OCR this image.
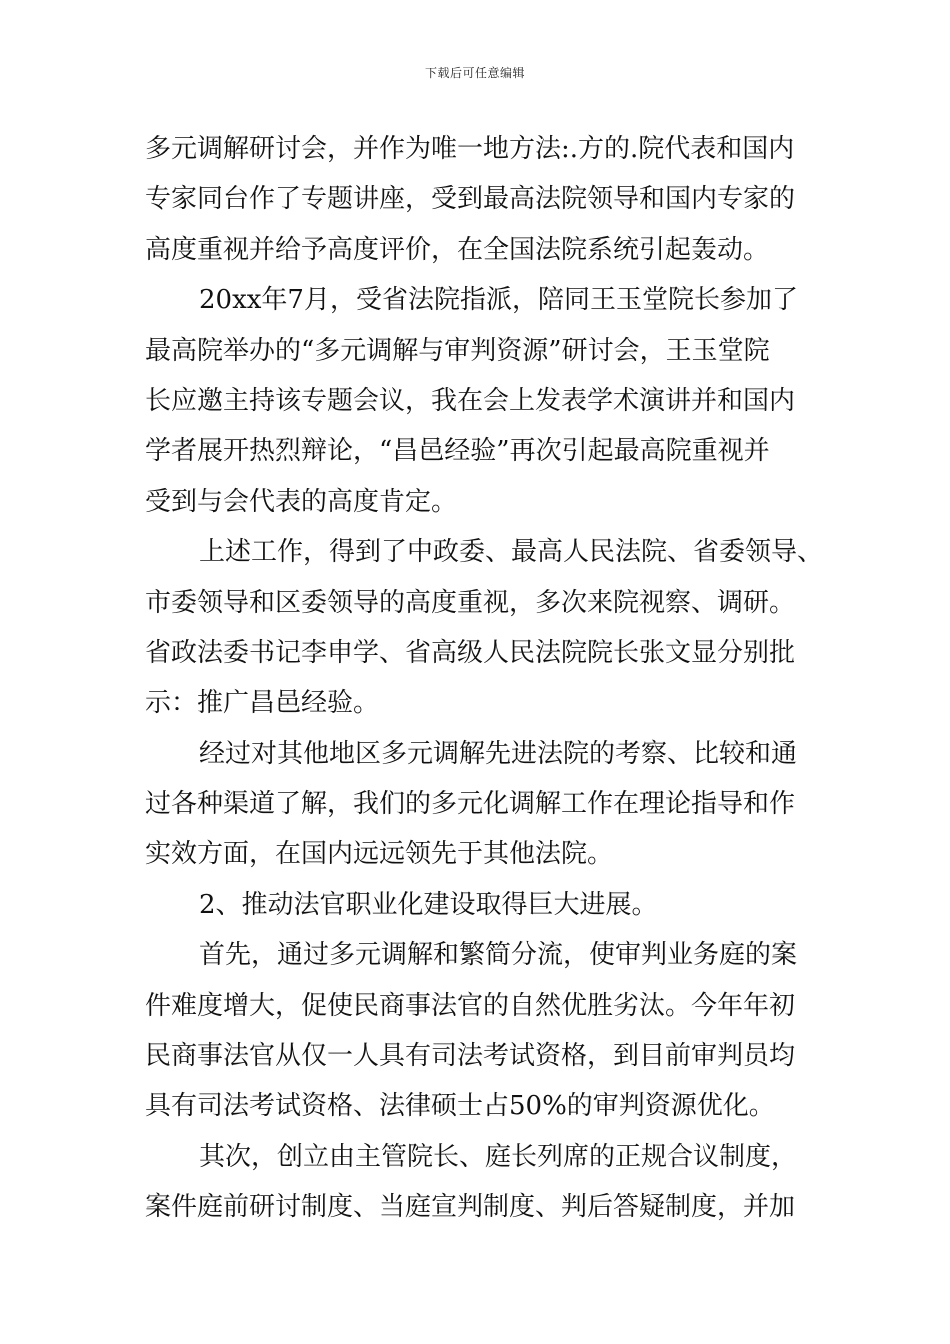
下载后可任意编辑
多元调解研讨会，并作为唯一地方法:.方的.院代表和国内
专家同台作了专题讲座，受到最高法院领导和国内专家的
高度重视并给予高度评价，在全国法院系统引起轰动。
20xx年7月，受省法院指派，陪同王玉堂院长参加了
最高院举办的“多元调解与审判资源”研讨会，王玉堂院
长应邀主持该专题会议，我在会上发表学术演讲并和国内
学者展开热烈辩论，“昌邑经验”再次引起最高院重视并
受到与会代表的高度肯定。
上述工作，得到了中政委、最高人民法院、省委领导、
市委领导和区委领导的高度重视，多次来院视察、调研。
省政法委书记李申学、省高级人民法院院长张文显分别批
示：推广昌邑经验。
经过对其他地区多元调解先进法院的考察、比较和通
过各种渠道了解，我们的多元化调解工作在理论指导和作
实效方面，在国内远远领先于其他法院。
2、推动法官职业化建设取得巨大进展。
首先，通过多元调解和繁简分流，使审判业务庭的案
件难度增大，促使民商事法官的自然优胜劣汰。今年年初
民商事法官从仅一人具有司法考试资格，到目前审判员均
具有司法考试资格、法律硕士占50%的审判资源优化。
其次，创立由主管院长、庭长列席的正规合议制度，
案件庭前研讨制度、当庭宣判制度、判后答疑制度，并加
